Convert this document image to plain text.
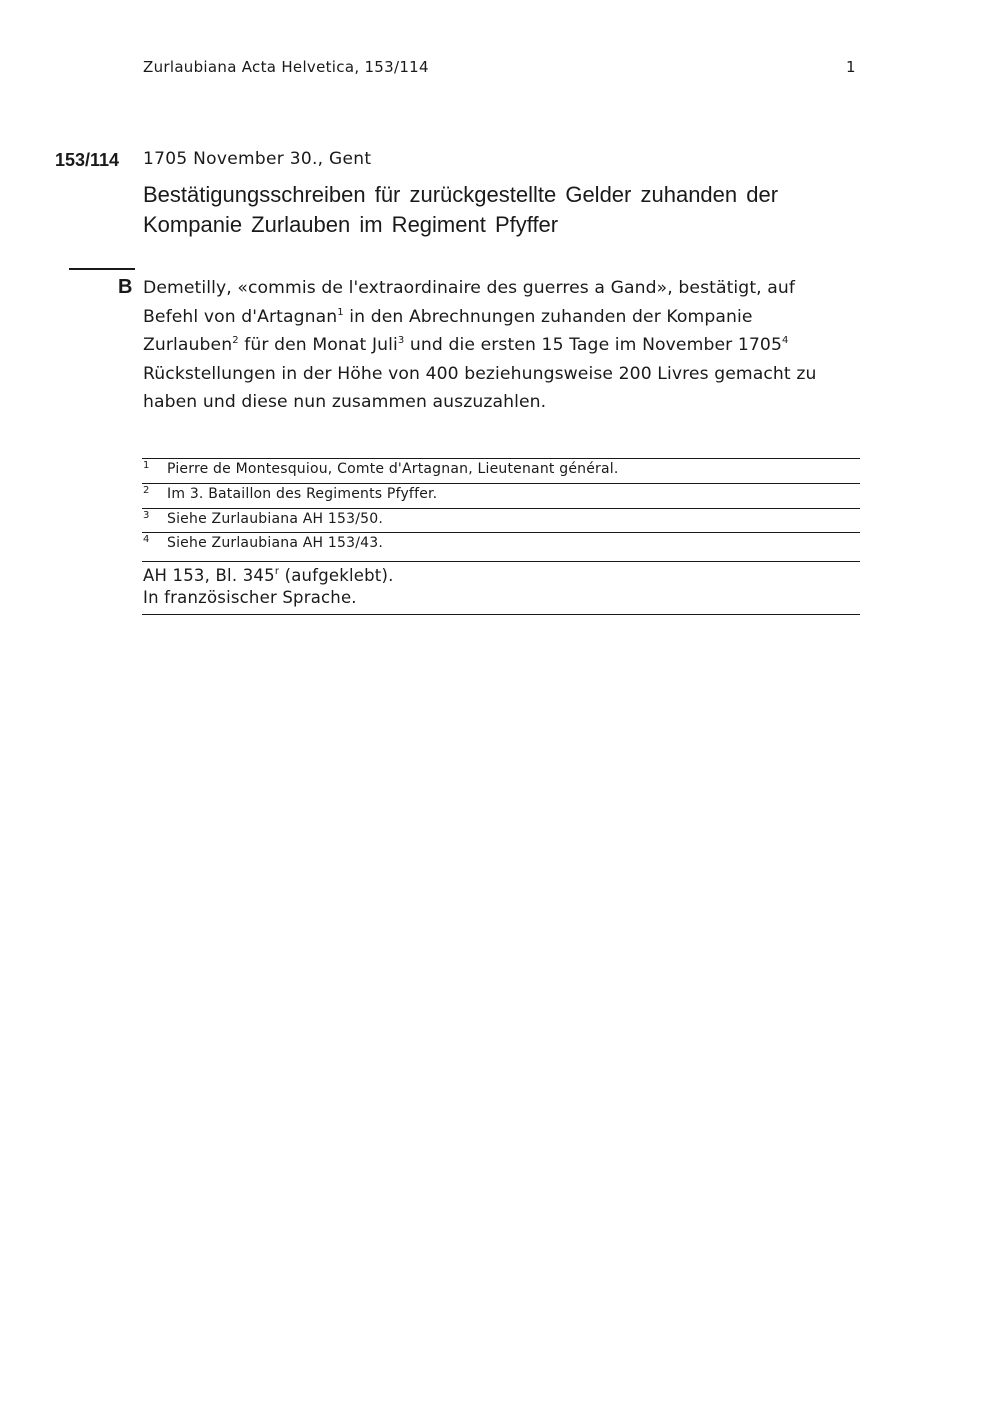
Zurlaubiana Acta Helvetica, 153/114	1
153/114 1705 November 30., Gent
Bestätigungsschreiben für zurückgestellte Gelder zuhanden der Kompanie Zurlauben im Regiment Pfyffer
B Demetilly, «commis de l'extraordinaire des guerres a Gand», bestätigt, auf Befehl von d'Artagnan$^1$ in den Abrechnungen zuhanden der Kompanie Zurlauben$^2$ für den Monat Juli$^3$ und die ersten 15 Tage im November 1705$^4$ Rückstellungen in der Höhe von 400 beziehungsweise 200 Livres gemacht zu haben und diese nun zusammen auszuzahlen.
1 Pierre de Montesquiou, Comte d'Artagnan, Lieutenant général.
2 Im 3. Bataillon des Regiments Pfyffer.
3 Siehe Zurlaubiana AH 153/50.
4 Siehe Zurlaubiana AH 153/43.
AH 153, Bl. 345$^r$ (aufgeklebt).
In französischer Sprache.
